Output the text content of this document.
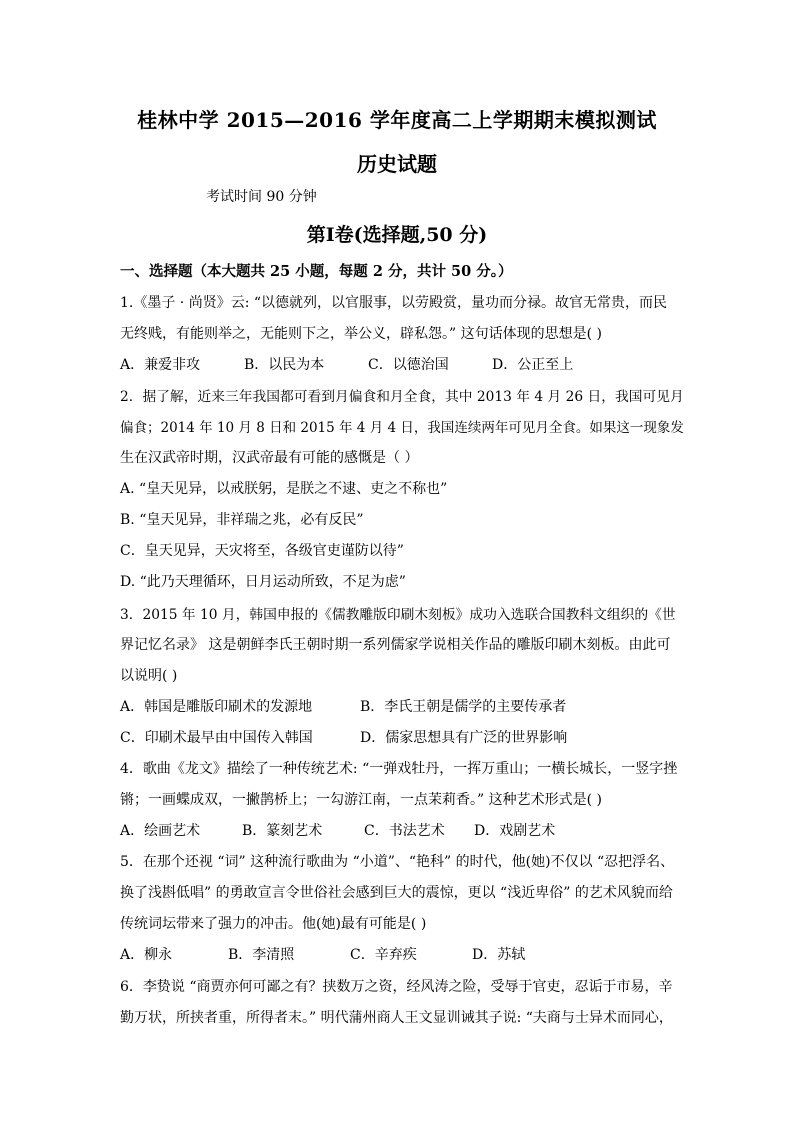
桂林中学 2015—2016 学年度高二上学期期末模拟测试
历史试题
考试时间 90 分钟
第Ⅰ卷(选择题,50 分)
一、选择题（本大题共 25 小题，每题 2 分，共计 50 分。）
1.《墨子 · 尚贤》云: “以德就列，以官服事，以劳殿赏，量功而分禄。故官无常贵，而民
无终贱，有能则举之，无能则下之，举公义，辟私怨。” 这句话体现的思想是( )
A．兼爱非攻	B．以民为本	C．以德治国	D．公正至上
2．据了解，近来三年我国都可看到月偏食和月全食，其中 2013 年 4 月 26 日，我国可见月
偏食；2014 年 10 月 8 日和 2015 年 4 月 4 日，我国连续两年可见月全食。如果这一现象发
生在汉武帝时期，汉武帝最有可能的感慨是（ ）
A. “皇天见异，以戒朕躬，是朕之不逮、吏之不称也”
B. “皇天见异，非祥瑞之兆，必有反民”
C．皇天见异，天灾将至，各级官吏谨防以待”
D. “此乃天理循环，日月运动所致，不足为虑”
3．2015 年 10 月，韩国申报的《儒教雕版印刷木刻板》成功入选联合国教科文组织的《世
界记忆名录》 这是朝鲜李氏王朝时期一系列儒家学说相关作品的雕版印刷木刻板。由此可
以说明( )
A．韩国是雕版印刷术的发源地	B．李氏王朝是儒学的主要传承者
C．印刷术最早由中国传入韩国	D．儒家思想具有广泛的世界影响
4．歌曲《龙文》描绘了一种传统艺术: “一弹戏牡丹，一挥万重山；一横长城长，一竖字挫
锵；一画蝶成双，一撇鹊桥上；一勾游江南，一点茉莉香。” 这种艺术形式是( )
A．绘画艺术	B．篆刻艺术	C．书法艺术 D．戏剧艺术
5．在那个还视 “词” 这种流行歌曲为 “小道”、“艳科” 的时代，他(她)不仅以 “忍把浮名、
换了浅斟低唱” 的勇敢宣言令世俗社会感到巨大的震惊，更以 “浅近卑俗” 的艺术风貌而给
传统词坛带来了强力的冲击。他(她)最有可能是( )
A．柳永	B．李清照	C．辛弃疾	D．苏轼
6．李贽说 “商贾亦何可鄙之有？挟数万之资，经风涛之险，受辱于官吏，忍诟于市易，辛
勤万状，所挟者重，所得者末。” 明代蒲州商人王文显训诫其子说: “夫商与士异术而同心，
